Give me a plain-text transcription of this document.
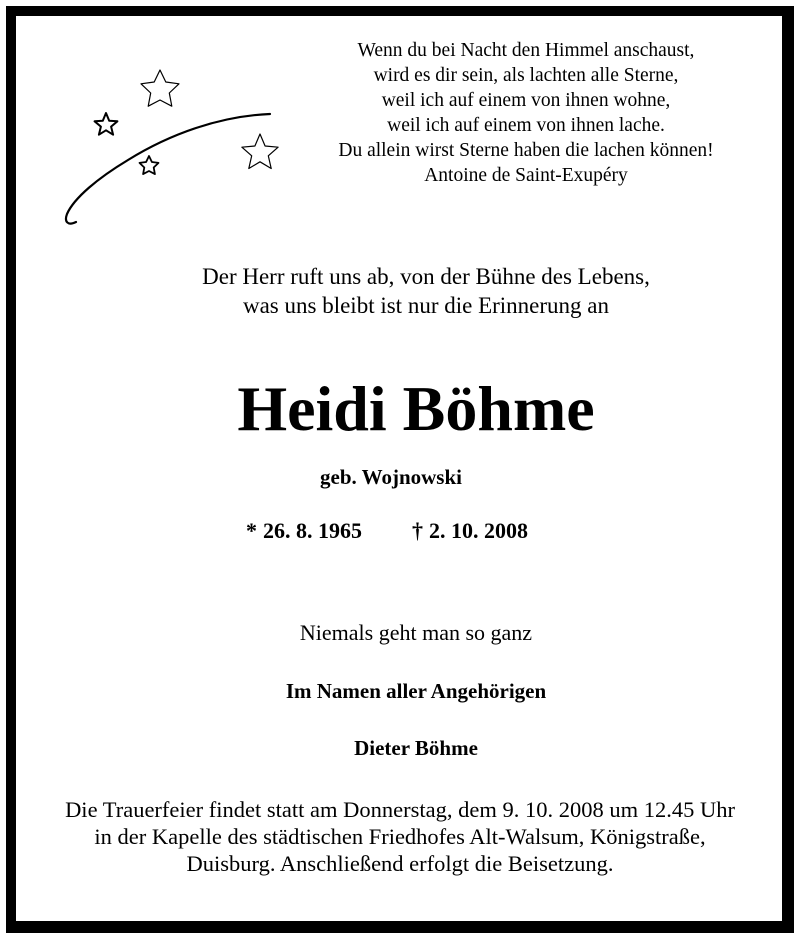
Wenn du bei Nacht den Himmel anschaust,
wird es dir sein, als lachten alle Sterne,
weil ich auf einem von ihnen wohne,
weil ich auf einem von ihnen lache.
Du allein wirst Sterne haben die lachen können!
Antoine de Saint-Exupéry
Der Herr ruft uns ab, von der Bühne des Lebens,
was uns bleibt ist nur die Erinnerung an
Heidi Böhme
geb. Wojnowski
* 26. 8. 1965 † 2. 10. 2008
Niemals geht man so ganz
Im Namen aller Angehörigen
Dieter Böhme
Die Trauerfeier findet statt am Donnerstag, dem 9. 10. 2008 um 12.45 Uhr
in der Kapelle des städtischen Friedhofes Alt-Walsum, Königstraße,
Duisburg. Anschließend erfolgt die Beisetzung.
